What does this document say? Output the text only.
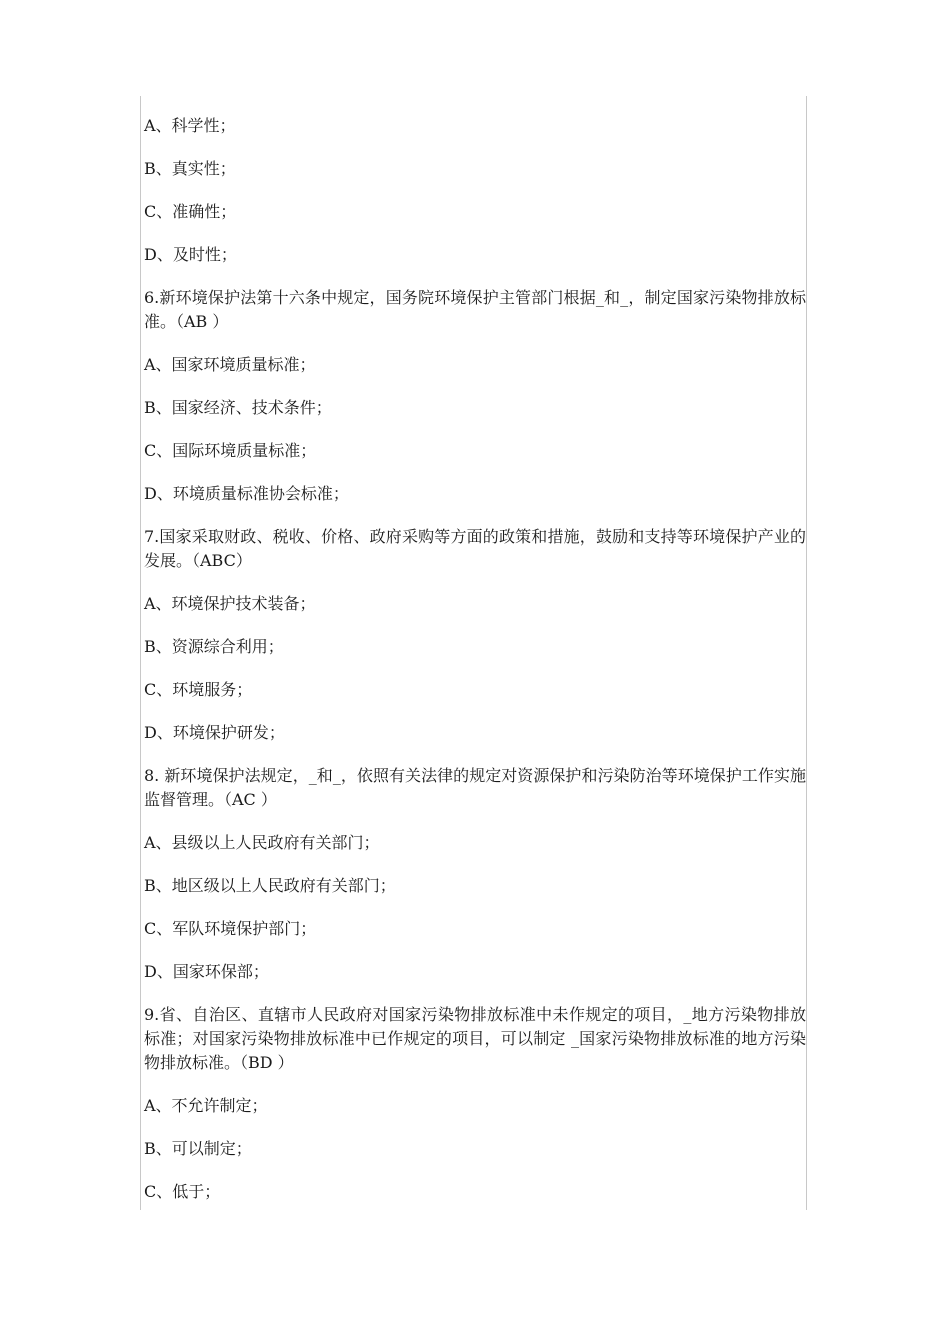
A、科学性；
B、真实性；
C、准确性；
D、及时性；
6.新环境保护法第十六条中规定，国务院环境保护主管部门根据_和_，制定国家污染物排放标准。（AB ）
A、国家环境质量标准；
B、国家经济、技术条件；
C、国际环境质量标准；
D、环境质量标准协会标准；
7.国家采取财政、税收、价格、政府采购等方面的政策和措施，鼓励和支持等环境保护产业的发展。（ABC）
A、环境保护技术装备；
B、资源综合利用；
C、环境服务；
D、环境保护研发；
8. 新环境保护法规定，_和_，依照有关法律的规定对资源保护和污染防治等环境保护工作实施监督管理。（AC ）
A、县级以上人民政府有关部门；
B、地区级以上人民政府有关部门；
C、军队环境保护部门；
D、国家环保部；
9.省、自治区、直辖市人民政府对国家污染物排放标准中未作规定的项目，_地方污染物排放标准；对国家污染物排放标准中已作规定的项目，可以制定 _国家污染物排放标准的地方污染物排放标准。（BD ）
A、不允许制定；
B、可以制定；
C、低于；
